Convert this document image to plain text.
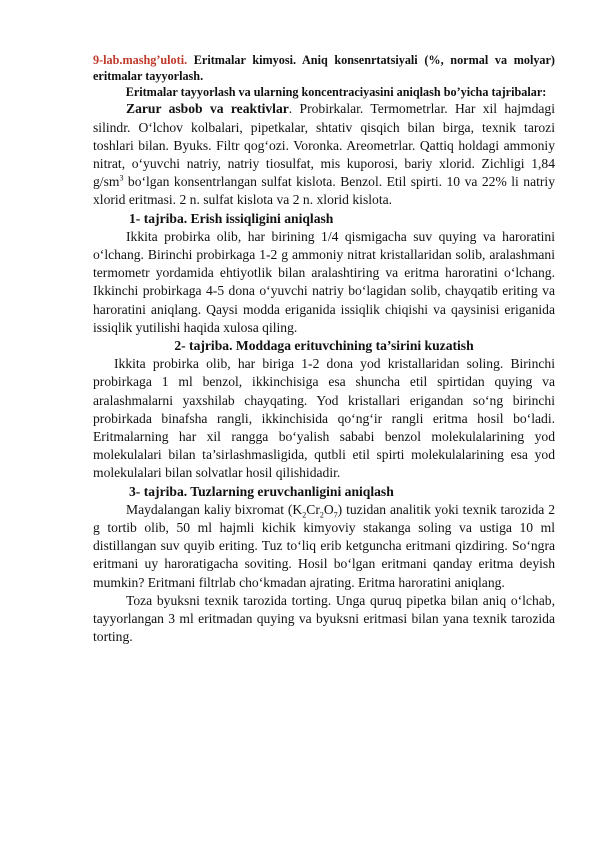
9-lab.mashg’uloti. Eritmalar kimyosi. Aniq konsenrtatsiyali (%, normal va molyar) eritmalar tayyorlash.

Eritmalar tayyorlash va ularning koncentraciyasini aniqlash bo’yicha tajribalar:

Zarur asbob va reaktivlar. Probirkalar. Termometrlar. Har xil hajmdagi silindr. O‘lchov kolbalari, pipetkalar, shtativ qisqich bilan birga, texnik tarozi toshlari bilan. Byuks. Filtr qog‘ozi. Voronka. Areometrlar. Qattiq holdagi ammoniy nitrat, o‘yuvchi natriy, natriy tiosulfat, mis kuporosi, bariy xlorid. Zichligi 1,84 $g/sm^3$ bo‘lgan konsentrlangan sulfat kislota. Benzol. Etil spirti. 10 va 22% li natriy xlorid eritmasi. 2 n. sulfat kislota va 2 n. xlorid kislota.

1- tajriba. Erish issiqligini aniqlash

Ikkita probirka olib, har birining 1/4 qismigacha suv quying va haroratini o‘lchang. Birinchi probirkaga 1-2 g ammoniy nitrat kristallaridan solib, aralashmani termometr yordamida ehtiyotlik bilan aralashtiring va eritma haroratini o‘lchang. Ikkinchi probirkaga 4-5 dona o‘yuvchi natriy bo‘lagidan solib, chayqatib eriting va haroratini aniqlang. Qaysi modda eriganida issiqlik chiqishi va qaysinisi eriganida issiqlik yutilishi haqida xulosa qiling.

2- tajriba. Moddaga erituvchining ta’sirini kuzatish

Ikkita probirka olib, har biriga 1-2 dona yod kristallaridan soling. Birinchi probirkaga 1 ml benzol, ikkinchisiga esa shuncha etil spirtidan quying va aralashmalarni yaxshilab chayqating. Yod kristallari erigandan so‘ng birinchi probirkada binafsha rangli, ikkinchisida qo‘ng‘ir rangli eritma hosil bo‘ladi. Eritmalarning har xil rangga bo‘yalish sababi benzol molekulalarining yod molekulalari bilan ta’sirlashmasligida, qutbli etil spirti molekulalarining esa yod molekulalari bilan solvatlar hosil qilishidadir.

3- tajriba. Tuzlarning eruvchanligini aniqlash

Maydalangan kaliy bixromat $(K_2Cr_2O_7)$ tuzidan analitik yoki texnik tarozida 2 g tortib olib, 50 ml hajmli kichik kimyoviy stakanga soling va ustiga 10 ml distillangan suv quyib eriting. Tuz to‘liq erib ketguncha eritmani qizdiring. So‘ngra eritmani uy haroratigacha soviting. Hosil bo‘lgan eritmani qanday eritma deyish mumkin? Eritmani filtrlab cho‘kmadan ajrating. Eritma haroratini aniqlang.

Toza byuksni texnik tarozida torting. Unga quruq pipetka bilan aniq o‘lchab, tayyorlangan 3 ml eritmadan quying va byuksni eritmasi bilan yana texnik tarozida torting.
